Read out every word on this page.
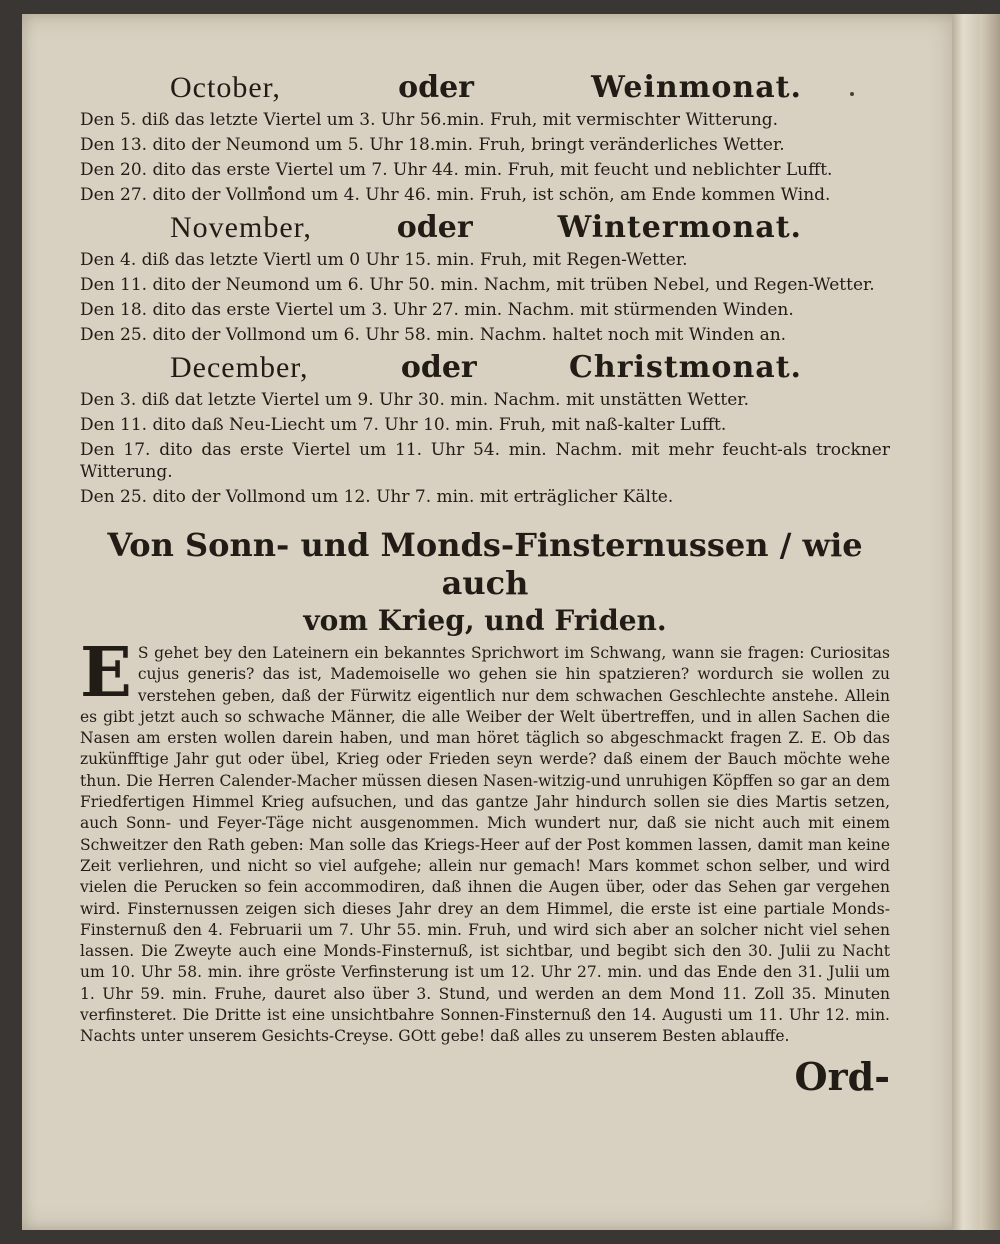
October,	oder	Weinmonat.

Den 5. diß das letzte Viertel um 3. Uhr 56.min. Fruh, mit vermischter Witterung.

Den 13. dito der Neumond um 5. Uhr 18.min. Fruh, bringt veränderliches Wetter.

Den 20. dito das erste Viertel um 7. Uhr 44. min. Fruh, mit feucht und neblichter Lufft.

Den 27. dito der Vollmond um 4. Uhr 46. min. Fruh, ist schön, am Ende kommen Wind.

November,	oder	Wintermonat.

Den 4. diß das letzte Viertl um 0 Uhr 15. min. Fruh, mit Regen-Wetter.

Den 11. dito der Neumond um 6. Uhr 50. min. Nachm, mit trüben Nebel, und Regen-Wetter.

Den 18. dito das erste Viertel um 3. Uhr 27. min. Nachm. mit stürmenden Winden.

Den 25. dito der Vollmond um 6. Uhr 58. min. Nachm. haltet noch mit Winden an.

December,	oder	Christmonat.

Den 3. diß dat letzte Viertel um 9. Uhr 30. min. Nachm. mit unstätten Wetter.

Den 11. dito daß Neu-Liecht um 7. Uhr 10. min. Fruh, mit naß-kalter Lufft.

Den 17. dito das erste Viertel um 11. Uhr 54. min. Nachm. mit mehr feucht-als trockner Witterung.

Den 25. dito der Vollmond um 12. Uhr 7. min. mit erträglicher Kälte.

Von Sonn- und Monds-Finsternussen / wie auch
vom Krieg, und Friden.
E S gehet bey den Lateinern ein bekanntes Sprichwort im Schwang, wann sie fragen: Curiositas cujus generis? das ist, Mademoiselle wo gehen sie hin spatzieren? wordurch sie wollen zu verstehen geben, daß der Fürwitz eigentlich nur dem schwachen Geschlechte anstehe. Allein es gibt jetzt auch so schwache Männer, die alle Weiber der Welt übertreffen, und in allen Sachen die Nasen am ersten wollen darein haben, und man höret täglich so abgeschmackt fragen Z. E. Ob das zukünfftige Jahr gut oder übel, Krieg oder Frieden seyn werde? daß einem der Bauch möchte wehe thun. Die Herren Calender-Macher müssen diesen Nasen-witzig-und unruhigen Köpffen so gar an dem Friedfertigen Himmel Krieg aufsuchen, und das gantze Jahr hindurch sollen sie dies Martis setzen, auch Sonn- und Feyer-Täge nicht ausgenommen. Mich wundert nur, daß sie nicht auch mit einem Schweitzer den Rath geben: Man solle das Kriegs-Heer auf der Post kommen lassen, damit man keine Zeit verliehren, und nicht so viel aufgehe; allein nur gemach! Mars kommet schon selber, und wird vielen die Perucken so fein accommodiren, daß ihnen die Augen über, oder das Sehen gar vergehen wird. Finsternussen zeigen sich dieses Jahr drey an dem Himmel, die erste ist eine partiale Monds-Finsternuß den 4. Februarii um 7. Uhr 55. min. Fruh, und wird sich aber an solcher nicht viel sehen lassen. Die Zweyte auch eine Monds-Finsternuß, ist sichtbar, und begibt sich den 30. Julii zu Nacht um 10. Uhr 58. min. ihre gröste Verfinsterung ist um 12. Uhr 27. min. und das Ende den 31. Julii um 1. Uhr 59. min. Fruhe, dauret also über 3. Stund, und werden an dem Mond 11. Zoll 35. Minuten verfinsteret. Die Dritte ist eine unsichtbahre Sonnen-Finsternuß den 14. Augusti um 11. Uhr 12. min. Nachts unter unserem Gesichts-Creyse. GOtt gebe! daß alles zu unserem Besten ablauffe.
Ord-
